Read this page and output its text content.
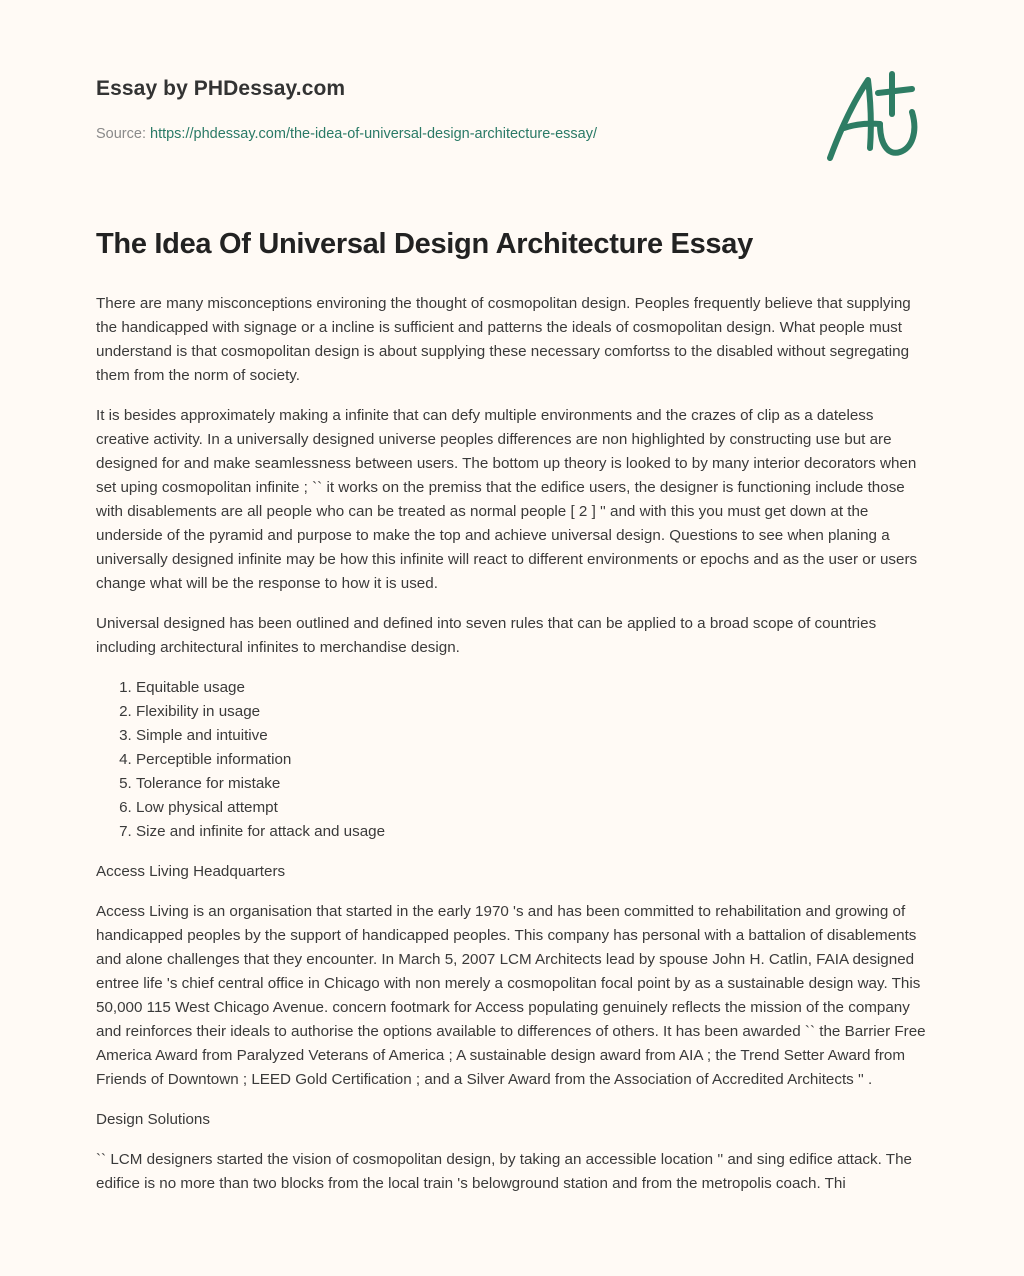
Essay by PHDessay.com
Source: https://phdessay.com/the-idea-of-universal-design-architecture-essay/
The Idea Of Universal Design Architecture Essay

There are many misconceptions environing the thought of cosmopolitan design. Peoples frequently believe that supplying the handicapped with signage or a incline is sufficient and patterns the ideals of cosmopolitan design. What people must understand is that cosmopolitan design is about supplying these necessary comfortss to the disabled without segregating them from the norm of society.

It is besides approximately making a infinite that can defy multiple environments and the crazes of clip as a dateless creative activity. In a universally designed universe peoples differences are non highlighted by constructing use but are designed for and make seamlessness between users. The bottom up theory is looked to by many interior decorators when set uping cosmopolitan infinite ; `` it works on the premiss that the edifice users, the designer is functioning include those with disablements are all people who can be treated as normal people [ 2 ] '' and with this you must get down at the underside of the pyramid and purpose to make the top and achieve universal design. Questions to see when planing a universally designed infinite may be how this infinite will react to different environments or epochs and as the user or users change what will be the response to how it is used.

Universal designed has been outlined and defined into seven rules that can be applied to a broad scope of countries including architectural infinites to merchandise design.

1. Equitable usage
2. Flexibility in usage
3. Simple and intuitive
4. Perceptible information
5. Tolerance for mistake
6. Low physical attempt
7. Size and infinite for attack and usage
Access Living Headquarters

Access Living is an organisation that started in the early 1970 's and has been committed to rehabilitation and growing of handicapped peoples by the support of handicapped peoples. This company has personal with a battalion of disablements and alone challenges that they encounter. In March 5, 2007 LCM Architects lead by spouse John H. Catlin, FAIA designed entree life 's chief central office in Chicago with non merely a cosmopolitan focal point by as a sustainable design way. This 50,000 115 West Chicago Avenue. concern footmark for Access populating genuinely reflects the mission of the company and reinforces their ideals to authorise the options available to differences of others. It has been awarded `` the Barrier Free America Award from Paralyzed Veterans of America ; A sustainable design award from AIA ; the Trend Setter Award from Friends of Downtown ; LEED Gold Certification ; and a Silver Award from the Association of Accredited Architects '' .

Design Solutions

`` LCM designers started the vision of cosmopolitan design, by taking an accessible location '' and sing edifice attack. The edifice is no more than two blocks from the local train 's belowground station and from the metropolis coach. Thi
